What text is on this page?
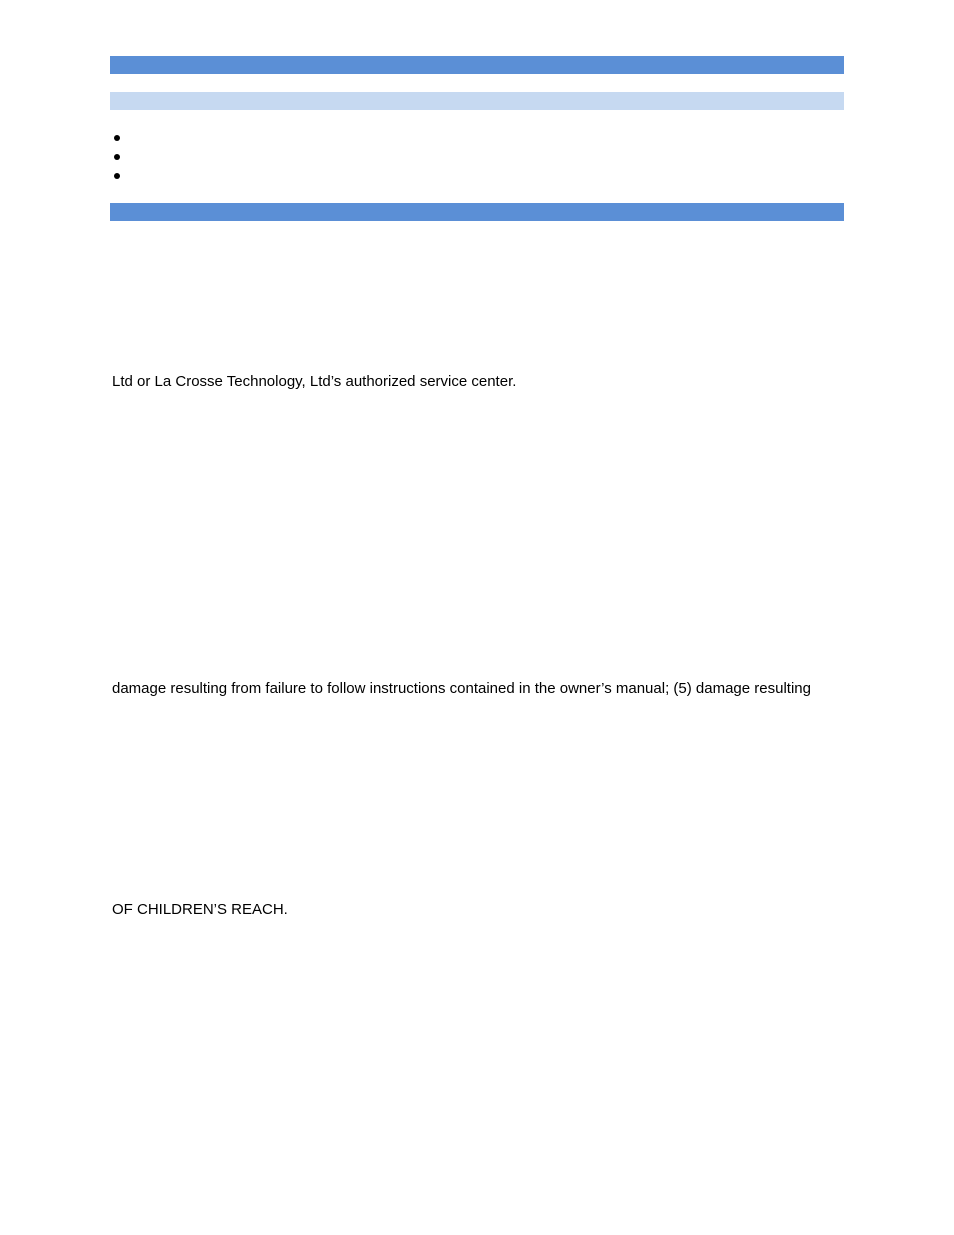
Ltd or La Crosse Technology, Ltd’s authorized service center.
damage resulting from failure to follow instructions contained in the owner’s manual; (5) damage resulting
OF CHILDREN’S REACH.
